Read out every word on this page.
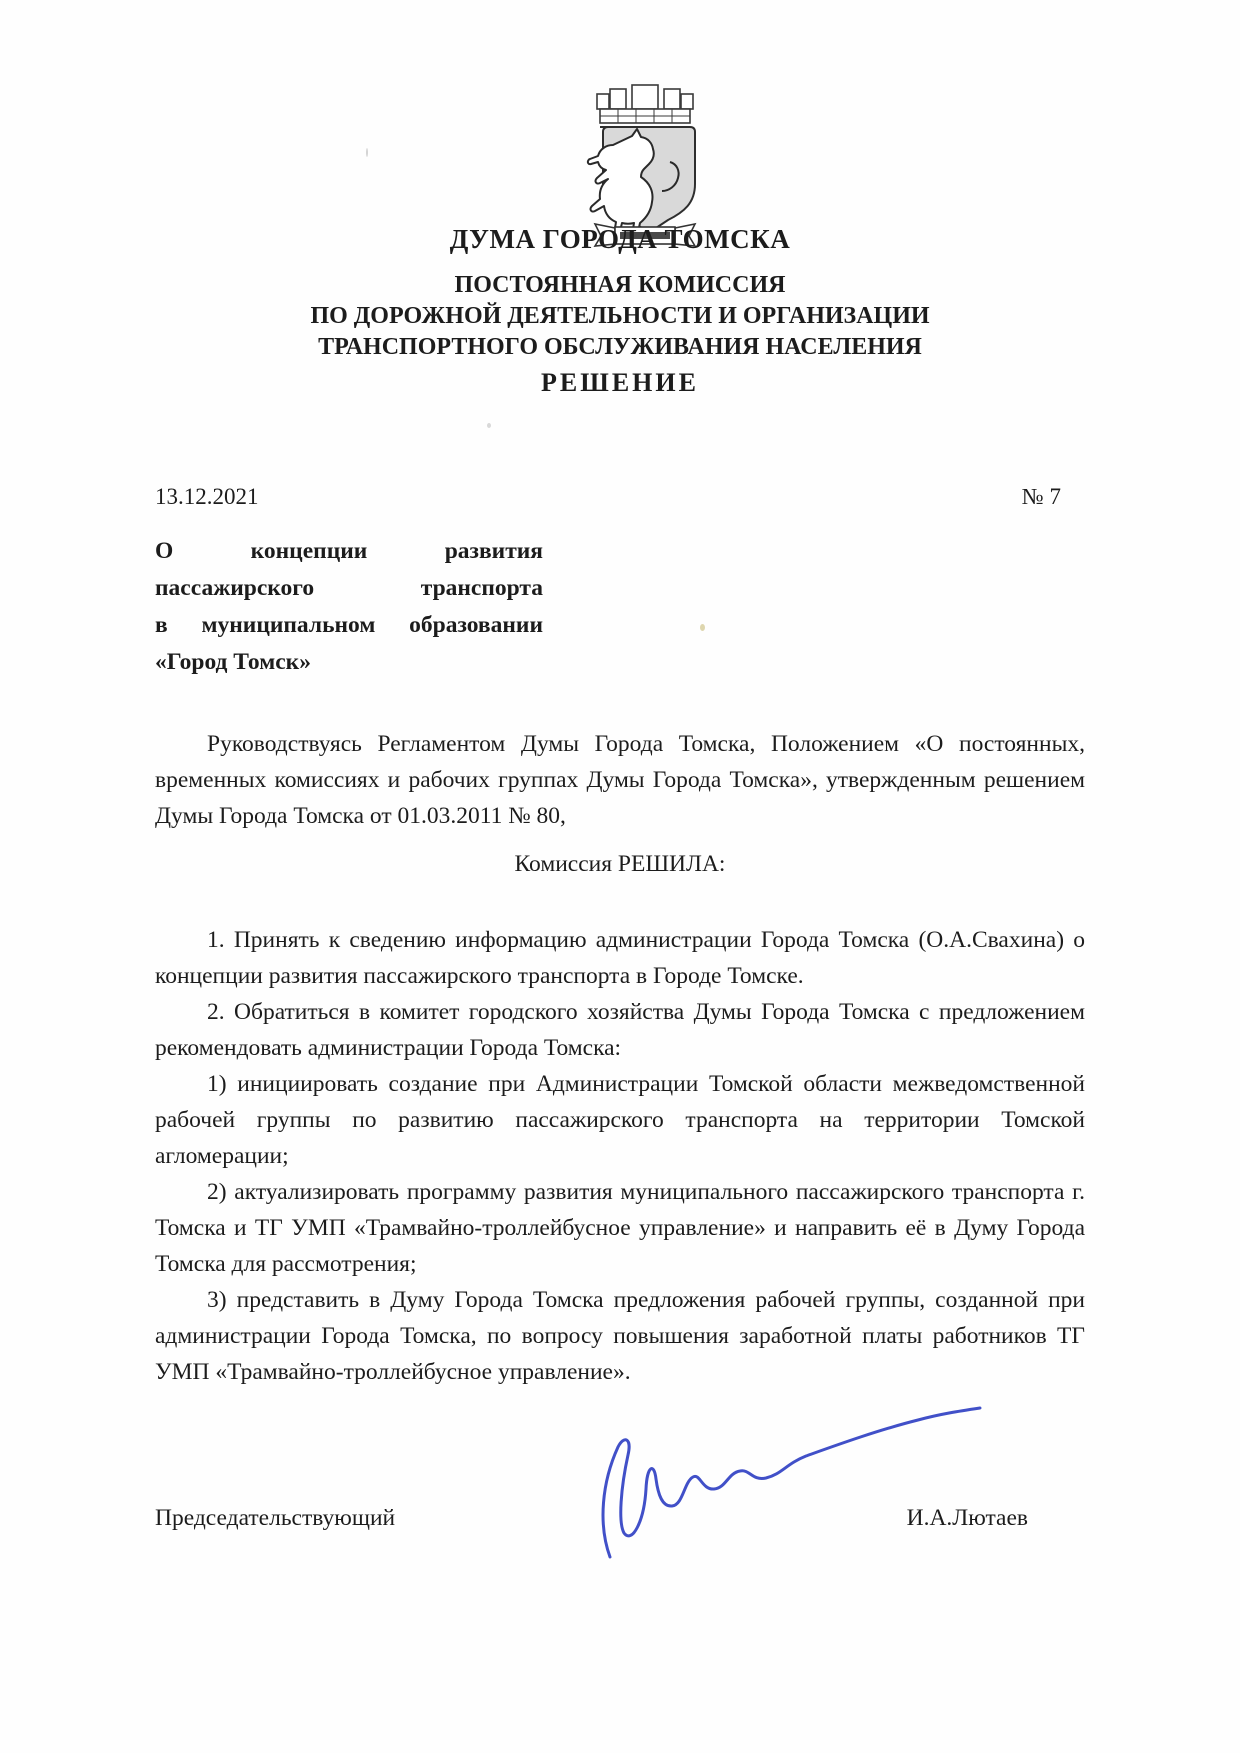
ДУМА ГОРОДА ТОМСКА
ПОСТОЯННАЯ КОМИССИЯ
ПО ДОРОЖНОЙ ДЕЯТЕЛЬНОСТИ И ОРГАНИЗАЦИИ
ТРАНСПОРТНОГО ОБСЛУЖИВАНИЯ НАСЕЛЕНИЯ
РЕШЕНИЕ
13.12.2021	№ 7
О концепции развития
пассажирского транспорта
в муниципальном образовании
«Город Томск»

Руководствуясь Регламентом Думы Города Томска, Положением «О постоянных, временных комиссиях и рабочих группах Думы Города Томска», утвержденным решением Думы Города Томска от 01.03.2011 № 80,

Комиссия РЕШИЛА:

1. Принять к сведению информацию администрации Города Томска (О.А.Свахина) о концепции развития пассажирского транспорта в Городе Томске.

2. Обратиться в комитет городского хозяйства Думы Города Томска с предложением рекомендовать администрации Города Томска:

1) инициировать создание при Администрации Томской области межведомственной рабочей группы по развитию пассажирского транспорта на территории Томской агломерации;

2) актуализировать программу развития муниципального пассажирского транспорта г. Томска и ТГ УМП «Трамвайно-троллейбусное управление» и направить её в Думу Города Томска для рассмотрения;

3) представить в Думу Города Томска предложения рабочей группы, созданной при администрации Города Томска, по вопросу повышения заработной платы работников ТГ УМП «Трамвайно-троллейбусное управление».

Председательствующий	И.А.Лютаев
